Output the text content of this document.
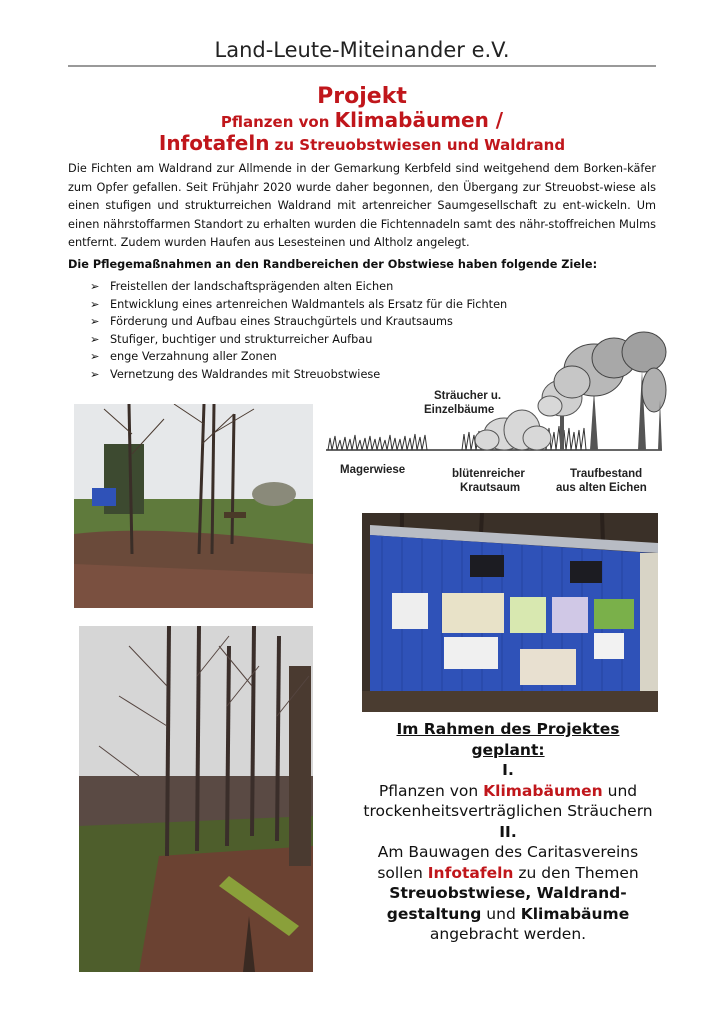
Land-Leute-Miteinander e.V.
Projekt
Pflanzen von Klimabäumen /
Infotafeln zu Streuobstwiesen und Waldrand
Die Fichten am Waldrand zur Allmende in der Gemarkung Kerbfeld sind weitgehend dem Borken-käfer zum Opfer gefallen. Seit Frühjahr 2020 wurde daher begonnen, den Übergang zur Streuobst-wiese als einen stufigen und strukturreichen Waldrand mit artenreicher Saumgesellschaft zu ent-wickeln. Um einen nährstoffarmen Standort zu erhalten wurden die Fichtennadeln samt des nähr-stoffreichen Mulms entfernt. Zudem wurden Haufen aus Lesesteinen und Altholz angelegt.
Die Pflegemaßnahmen an den Randbereichen der Obstwiese haben folgende Ziele:
➢ Freistellen der landschaftsprägenden alten Eichen
➢ Entwicklung eines artenreichen Waldmantels als Ersatz für die Fichten
➢ Förderung und Aufbau eines Strauchgürtels und Krautsaums
➢ Stufiger, buchtiger und strukturreicher Aufbau
➢ enge Verzahnung aller Zonen
➢ Vernetzung des Waldrandes mit Streuobstwiese
Sträucher u.
Einzelbäume
Magerwiese	blütenreicher
Krautsaum
Traufbestand
aus alten Eichen
Im Rahmen des Projektes geplant:
I.
Pflanzen von Klimabäumen und trockenheitsverträglichen Sträuchern
II.
Am Bauwagen des Caritasvereins sollen Infotafeln zu den Themen Streuobstwiese, Waldrand-gestaltung und Klimabäume angebracht werden.
